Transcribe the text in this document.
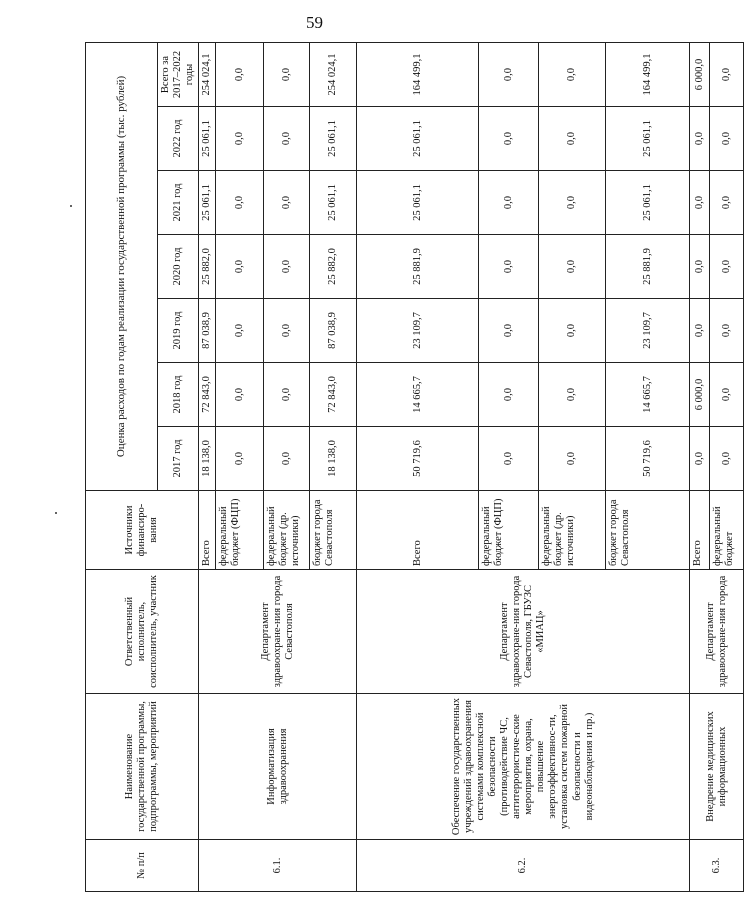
59
№ п/п	Наименование государственной программы, подпрограммы, мероприятий	Ответственный исполнитель, соисполнитель, участник	Источники финансиро-вания	Оценка расходов по годам реализации государственной программы (тыс. рублей)						
				2017 год	2018 год	2019 год	2020 год	2021 год	2022 год	Всего за 2017–2022 годы
6.1.	Информатизация здравоохранения	Департамент здравоохране-ния города Севастополя	Всего	18 138,0	72 843,0	87 038,9	25 882,0	25 061,1	25 061,1	254 024,1
			федеральный бюджет (ФЦП)	0,0	0,0	0,0	0,0	0,0	0,0	0,0
			федеральный бюджет (др. источники)	0,0	0,0	0,0	0,0	0,0	0,0	0,0
			бюджет города Севастополя	18 138,0	72 843,0	87 038,9	25 882,0	25 061,1	25 061,1	254 024,1
6.2.	Обеспечение государственных учреждений здравоохранения системами комплексной безопасности (противодействие ЧС, антитеррористиче-ские мероприятия, охрана, повышение энергоэффективнос-ти, установка систем пожарной безопасности и видеонаблюдения и пр.)	Департамент здравоохране-ния города Севастополя, ГБУЗС «МИАЦ»	Всего	50 719,6	14 665,7	23 109,7	25 881,9	25 061,1	25 061,1	164 499,1
			федеральный бюджет (ФЦП)	0,0	0,0	0,0	0,0	0,0	0,0	0,0
			федеральный бюджет (др. источники)	0,0	0,0	0,0	0,0	0,0	0,0	0,0
			бюджет города Севастополя	50 719,6	14 665,7	23 109,7	25 881,9	25 061,1	25 061,1	164 499,1
6.3.	Внедрение медицинских информационных	Департамент здравоохране-ния города	Всего	0,0	6 000,0	0,0	0,0	0,0	0,0	6 000,0
			федеральный бюджет	0,0	0,0	0,0	0,0	0,0	0,0	0,0
